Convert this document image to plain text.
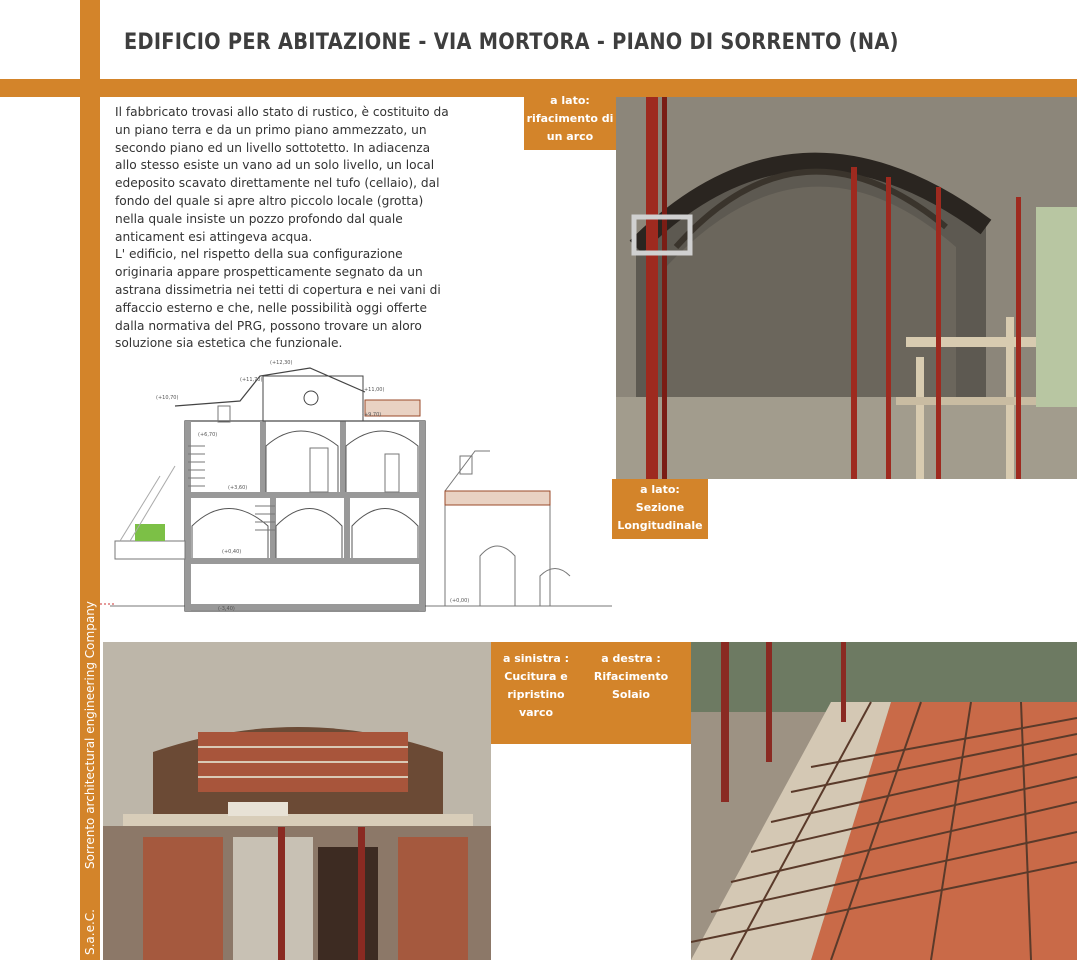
EDIFICIO PER ABITAZIONE - VIA MORTORA - PIANO DI SORRENTO (NA)
S.a.e.C.Sorrento architectural engineering Company

Il fabbricato trovasi allo stato di rustico, è costituito da un piano terra e da un primo piano ammezzato, un secondo piano ed un livello sottotetto. In adiacenza allo stesso esiste un vano ad un solo livello, un local edeposito scavato direttamente nel tufo (cellaio), dal fondo del quale si apre altro piccolo locale (grotta) nella quale insiste un pozzo profondo dal quale anticament esi attingeva acqua.

L' edificio, nel rispetto della sua configurazione originaria appare prospetticamente segnato da un astrana dissimetria nei tetti di copertura e nei vani di affaccio esterno e che, nelle possibilità oggi offerte dalla normativa del PRG, possono trovare un aloro soluzione sia estetica che funzionale.

(+12,30)
(+11,70)
(+10,70)
(+11,00)
(+9,70)
(+6,70)
(+3,60)
(+0,40)
(+0,00)
(-3,40)
a lato:
rifacimento di
un arco
a lato:
Sezione
Longitudinale
a sinistra :
Cucitura e
ripristino
varco
a destra :
Rifacimento
Solaio
